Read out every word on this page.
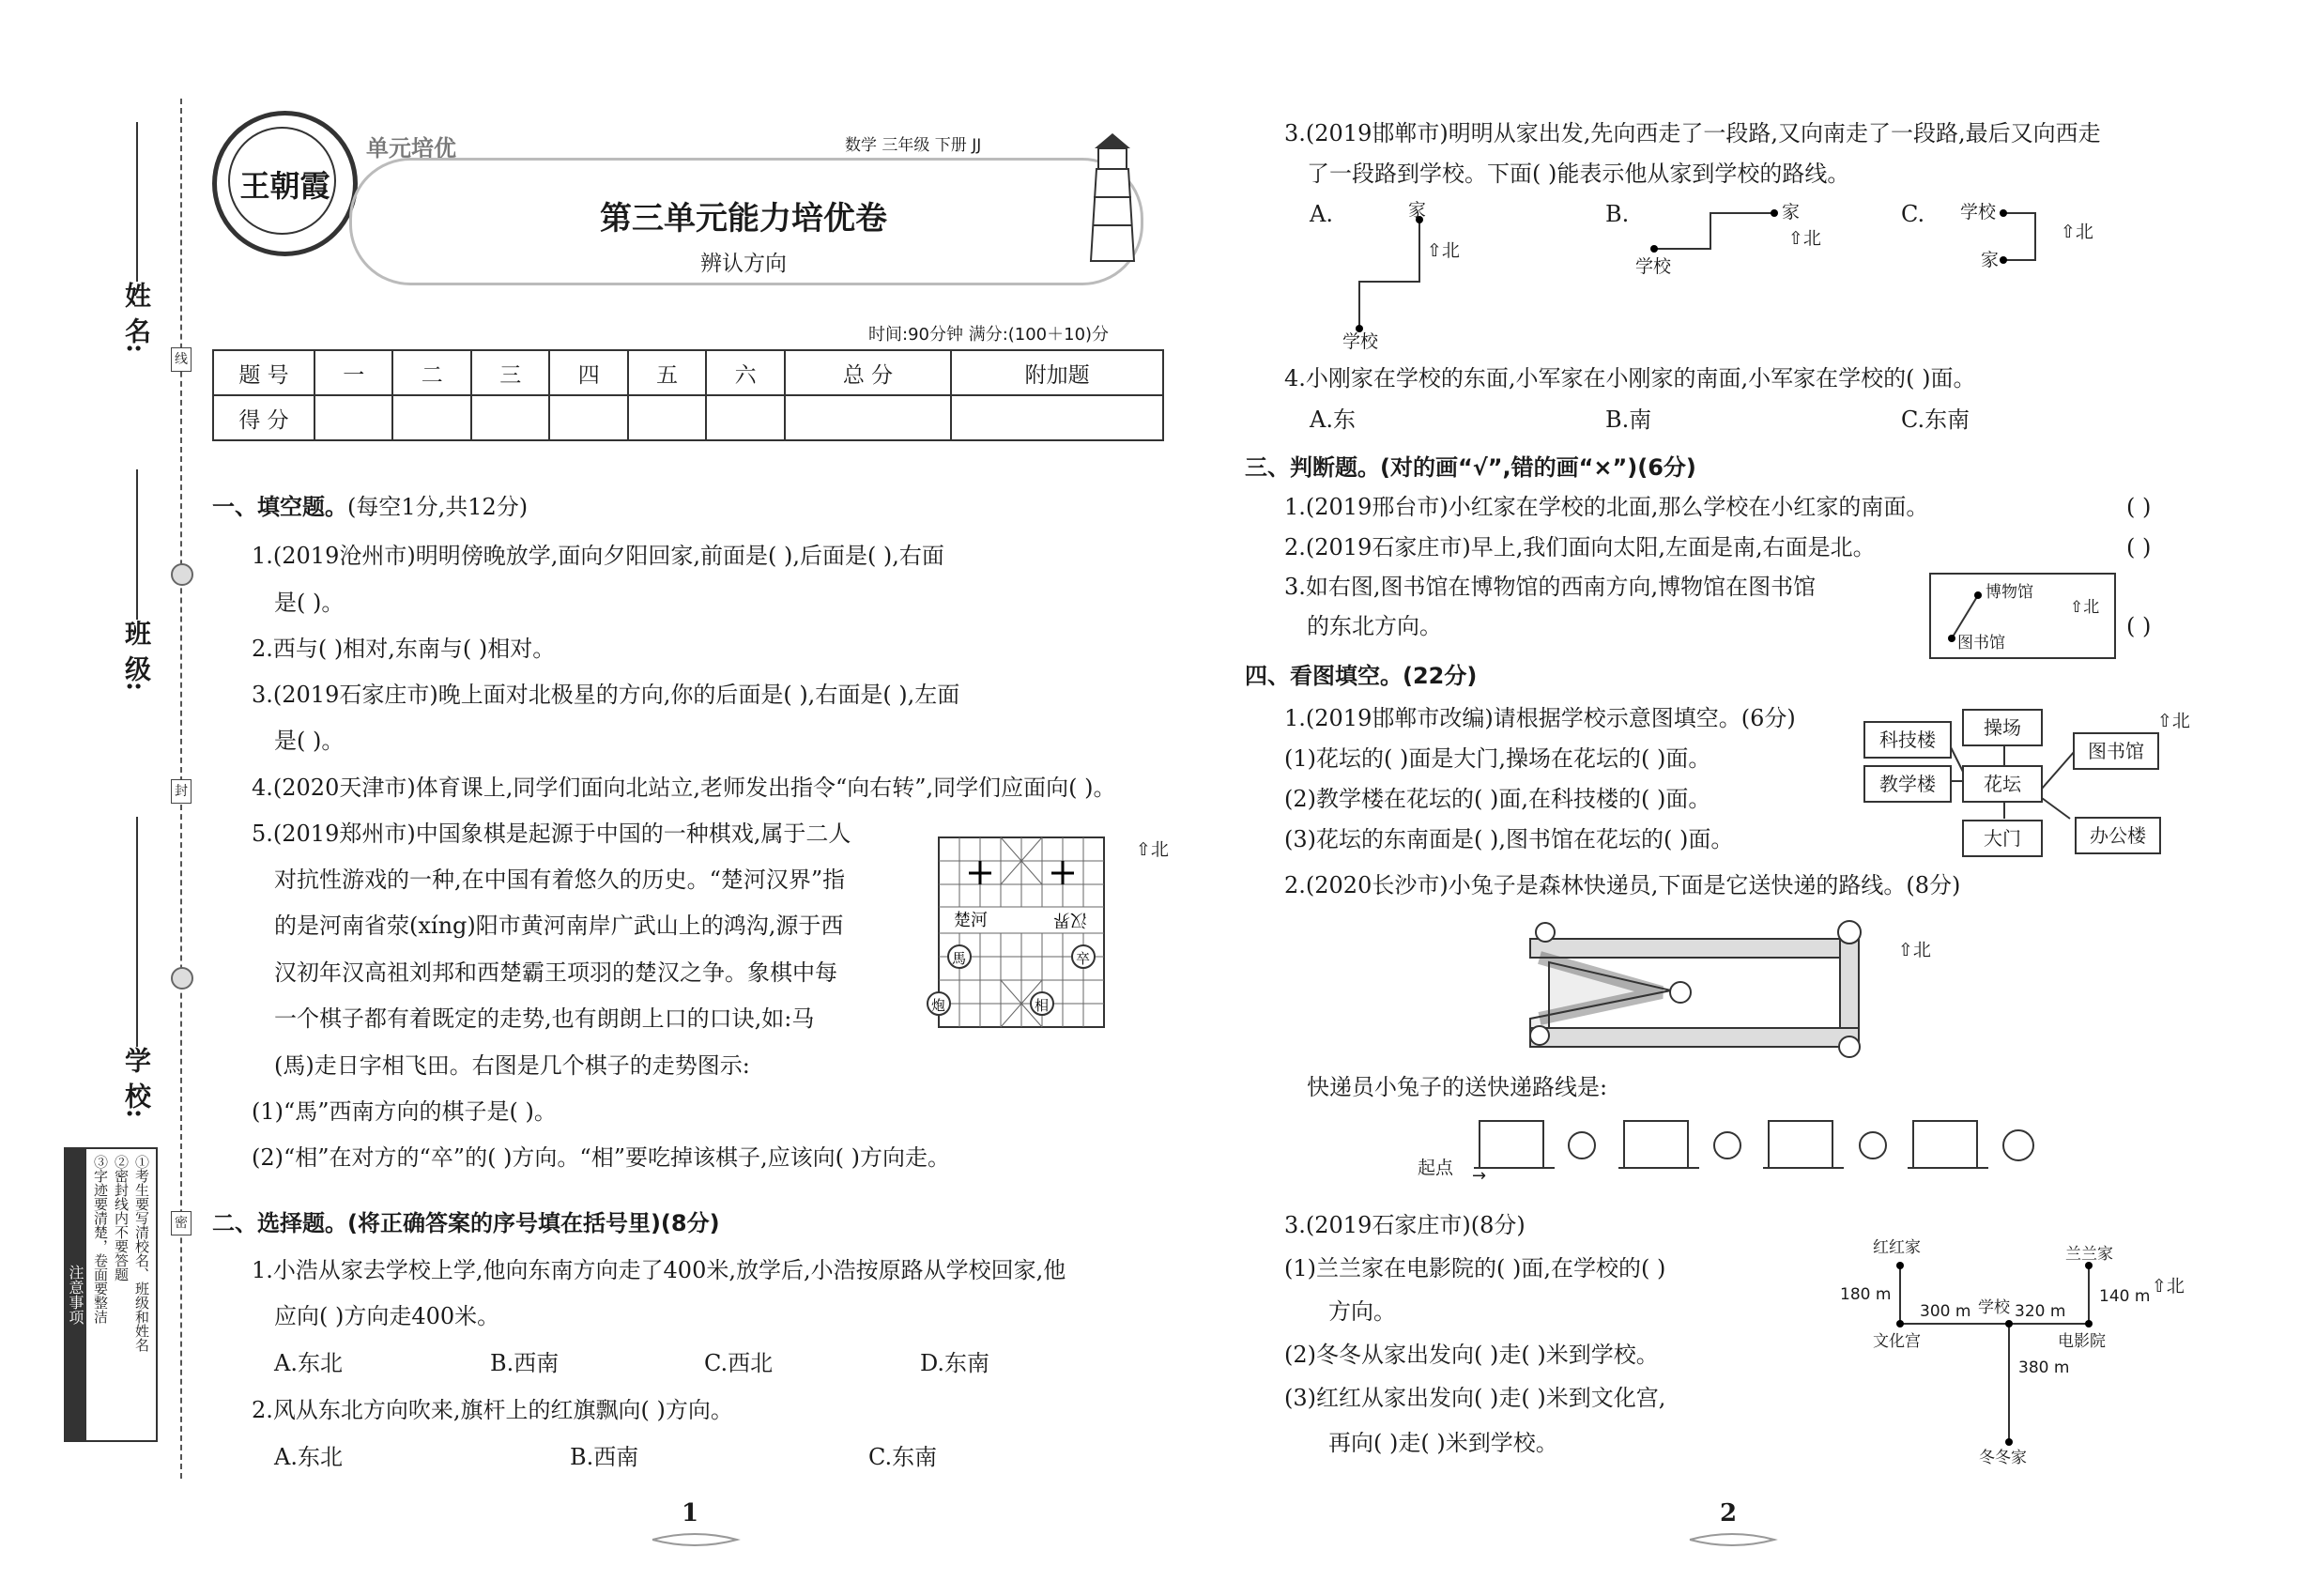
姓 名:
班 级:
学 校:
线
封
密
注意事项	①考生要写清校名、班级和姓名
②密封线内不要答题
③字迹要清楚，卷面要整洁
王朝霞
单元培优	数学 三年级 下册 JJ
第三单元能力培优卷
辨认方向
时间:90分钟 满分:(100＋10)分
题 号	一	二	三	四	五	六	总 分	附加题
得 分								
一、填空题。(每空1分,共12分)
1.(2019沧州市)明明傍晚放学,面向夕阳回家,前面是( ),后面是( ),右面
是( )。
2.西与( )相对,东南与( )相对。
3.(2019石家庄市)晚上面对北极星的方向,你的后面是( ),右面是( ),左面
是( )。
4.(2020天津市)体育课上,同学们面向北站立,老师发出指令“向右转”,同学们应面向( )。
5.(2019郑州市)中国象棋是起源于中国的一种棋戏,属于二人
对抗性游戏的一种,在中国有着悠久的历史。“楚河汉界”指
的是河南省荥(xíng)阳市黄河南岸广武山上的鸿沟,源于西
汉初年汉高祖刘邦和西楚霸王项羽的楚汉之争。象棋中每
一个棋子都有着既定的走势,也有朗朗上口的口诀,如:马
(馬)走日字相飞田。右图是几个棋子的走势图示:
(1)“馬”西南方向的棋子是( )。
(2)“相”在对方的“卒”的( )方向。“相”要吃掉该棋子,应该向( )方向走。
楚河	汉界
馬	卒
炮	相
⇧北
二、选择题。(将正确答案的序号填在括号里)(8分)
1.小浩从家去学校上学,他向东南方向走了400米,放学后,小浩按原路从学校回家,他
应向( )方向走400米。
A.东北	B.西南	C.西北	D.东南
2.风从东北方向吹来,旗杆上的红旗飘向( )方向。
A.东北	B.西南	C.东南
1
3.(2019邯郸市)明明从家出发,先向西走了一段路,又向南走了一段路,最后又向西走
了一段路到学校。下面( )能表示他从家到学校的路线。
A.	B.	C.
家
学校
⇧北
家
学校
⇧北
学校
家
⇧北
4.小刚家在学校的东面,小军家在小刚家的南面,小军家在学校的( )面。
A.东	B.南	C.东南
三、判断题。(对的画“√”,错的画“×”)(6分)
1.(2019邢台市)小红家在学校的北面,那么学校在小红家的南面。	( )
2.(2019石家庄市)早上,我们面向太阳,左面是南,右面是北。	( )
3.如右图,图书馆在博物馆的西南方向,博物馆在图书馆
的东北方向。	( )
博物馆
图书馆
⇧北
四、看图填空。(22分)
1.(2019邯郸市改编)请根据学校示意图填空。(6分)
(1)花坛的( )面是大门,操场在花坛的( )面。
(2)教学楼在花坛的( )面,在科技楼的( )面。
(3)花坛的东南面是( ),图书馆在花坛的( )面。
科技楼
操场
图书馆
教学楼	花坛
大门	办公楼
⇧北
2.(2020长沙市)小兔子是森林快递员,下面是它送快递的路线。(8分)
⇧北
快递员小兔子的送快递路线是:
起点 →
3.(2019石家庄市)(8分)
(1)兰兰家在电影院的( )面,在学校的( )
方向。
(2)冬冬从家出发向( )走( )米到学校。
(3)红红从家出发向( )走( )米到文化宫,
再向( )走( )米到学校。
红红家	兰兰家
学校
文化宫	电影院
冬冬家
180 m
300 m	320 m
140 m
380 m
⇧北
2
